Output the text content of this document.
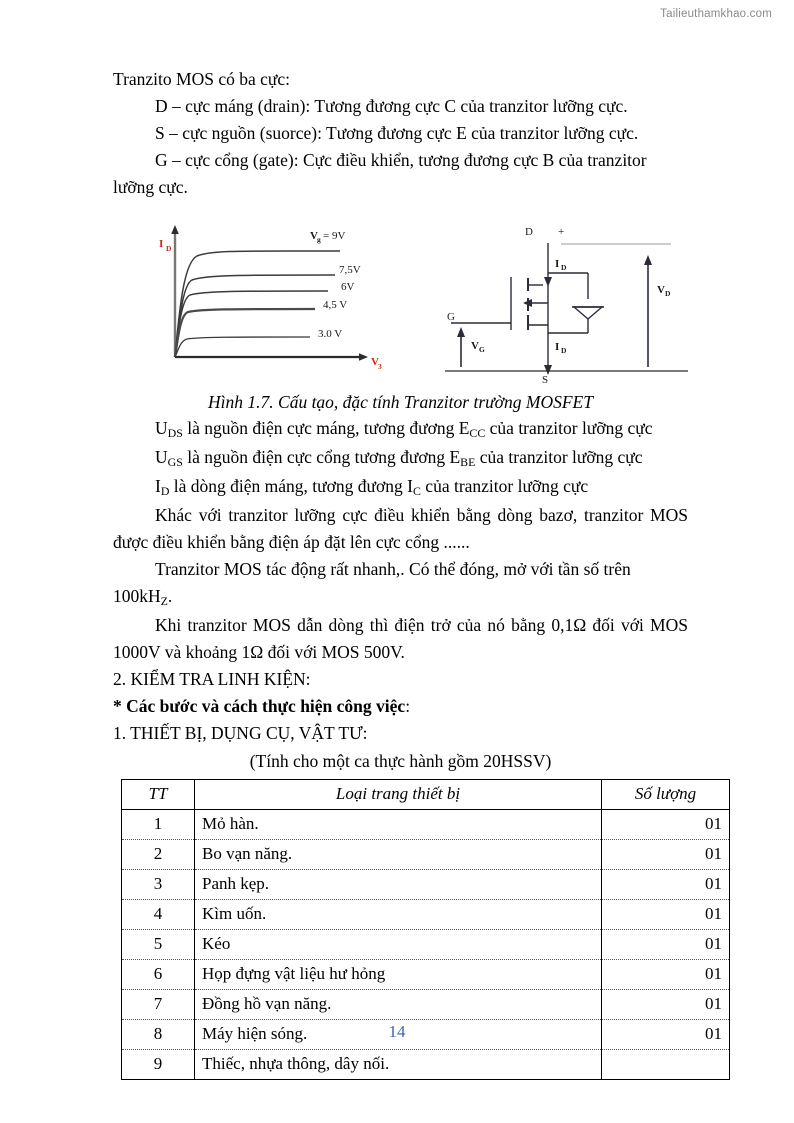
Tailieuthamkhao.com

Tranzito MOS có ba cực:

D – cực máng (drain): Tương đương cực C của tranzitor lưỡng cực.

S – cực nguồn (suorce): Tương đương cực E của tranzitor lưỡng cực.

G – cực cổng (gate): Cực điều khiển, tương đương cực B của tranzitor

lưỡng cực.

I D
V 3
V g = 9V
7,5V
6V
4,5 V
3.0 V
D +
I D
I D
G
S
V G
V D

Hình 1.7. Cấu tạo, đặc tính Tranzitor trường MOSFET

$U_{DS}$ là nguồn điện cực máng, tương đương $E_{CC}$ của tranzitor lưỡng cực

$U_{GS}$ là nguồn điện cực cổng tương đương $E_{BE}$ của tranzitor lưỡng cực

$I_D$ là dòng điện máng, tương đương $I_C$ của tranzitor lưỡng cực

Khác với tranzitor lưỡng cực điều khiển bằng dòng bazơ, tranzitor MOS được điều khiển bằng điện áp đặt lên cực cổng ......

Tranzitor MOS tác động rất nhanh,. Có thể đóng, mở với tần số trên

$100kH_Z$.

Khi tranzitor MOS dẫn dòng thì điện trở của nó bằng 0,1Ω đối với MOS 1000V và khoảng 1Ω đối với MOS 500V.

2. KIỂM TRA LINH KIỆN:

* Các bước và cách thực hiện công việc:

1. THIẾT BỊ, DỤNG CỤ, VẬT TƯ:

(Tính cho một ca thực hành gồm 20HSSV)

TT	Loại trang thiết bị	Số lượng
1	Mỏ hàn.	01
2	Bo vạn năng.	01
3	Panh kẹp.	01
4	Kìm uốn.	01
5	Kéo	01
6	Họp đựng vật liệu hư hỏng	01
7	Đồng hồ vạn năng.	01
8	Máy hiện sóng.	01
9	Thiếc, nhựa thông, dây nối.	
14
